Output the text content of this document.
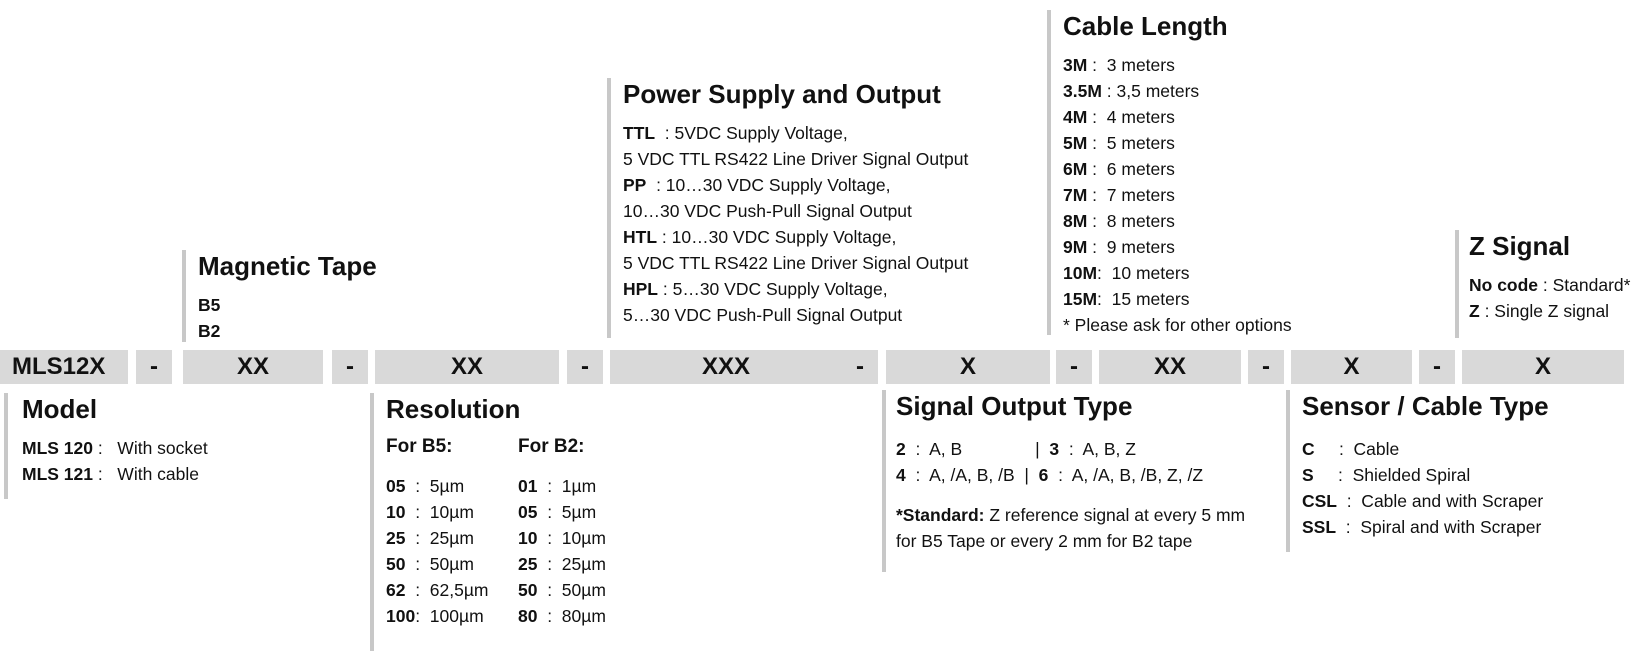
Cable Length
3M :  3 meters
3.5M : 3,5 meters
4M :  4 meters
5M :  5 meters
6M :  6 meters
7M :  7 meters
8M :  8 meters
9M :  9 meters
10M:  10 meters
15M:  15 meters
* Please ask for other options
Power Supply and Output
TTL  : 5VDC Supply Voltage,
5 VDC TTL RS422 Line Driver Signal Output
PP  : 10…30 VDC Supply Voltage,
10…30 VDC Push-Pull Signal Output
HTL : 10…30 VDC Supply Voltage,
5 VDC TTL RS422 Line Driver Signal Output
HPL : 5…30 VDC Supply Voltage,
5…30 VDC Push-Pull Signal Output
Magnetic Tape
B5
B2
Z Signal
No code : Standard*
Z : Single Z signal
MLS12X	-	XX	-	XX	-	XXX	-	X	-	XX	-	X	-	X
Model
MLS 120 :   With socket
MLS 121 :   With cable
Resolution
For B5:
05  :  5µm
10  :  10µm
25  :  25µm
50  :  50µm
62  :  62,5µm
100:  100µm
For B2:
01  :  1µm
05  :  5µm
10  :  10µm
25  :  25µm
50  :  50µm
80  :  80µm
Signal Output Type
2  :  A, B               |  3  :  A, B, Z
4  :  A, /A, B, /B  |  6  :  A, /A, B, /B, Z, /Z
*Standard: Z reference signal at every 5 mm
for B5 Tape or every 2 mm for B2 tape
Sensor / Cable Type
C     :  Cable
S     :  Shielded Spiral
CSL  :  Cable and with Scraper
SSL  :  Spiral and with Scraper
